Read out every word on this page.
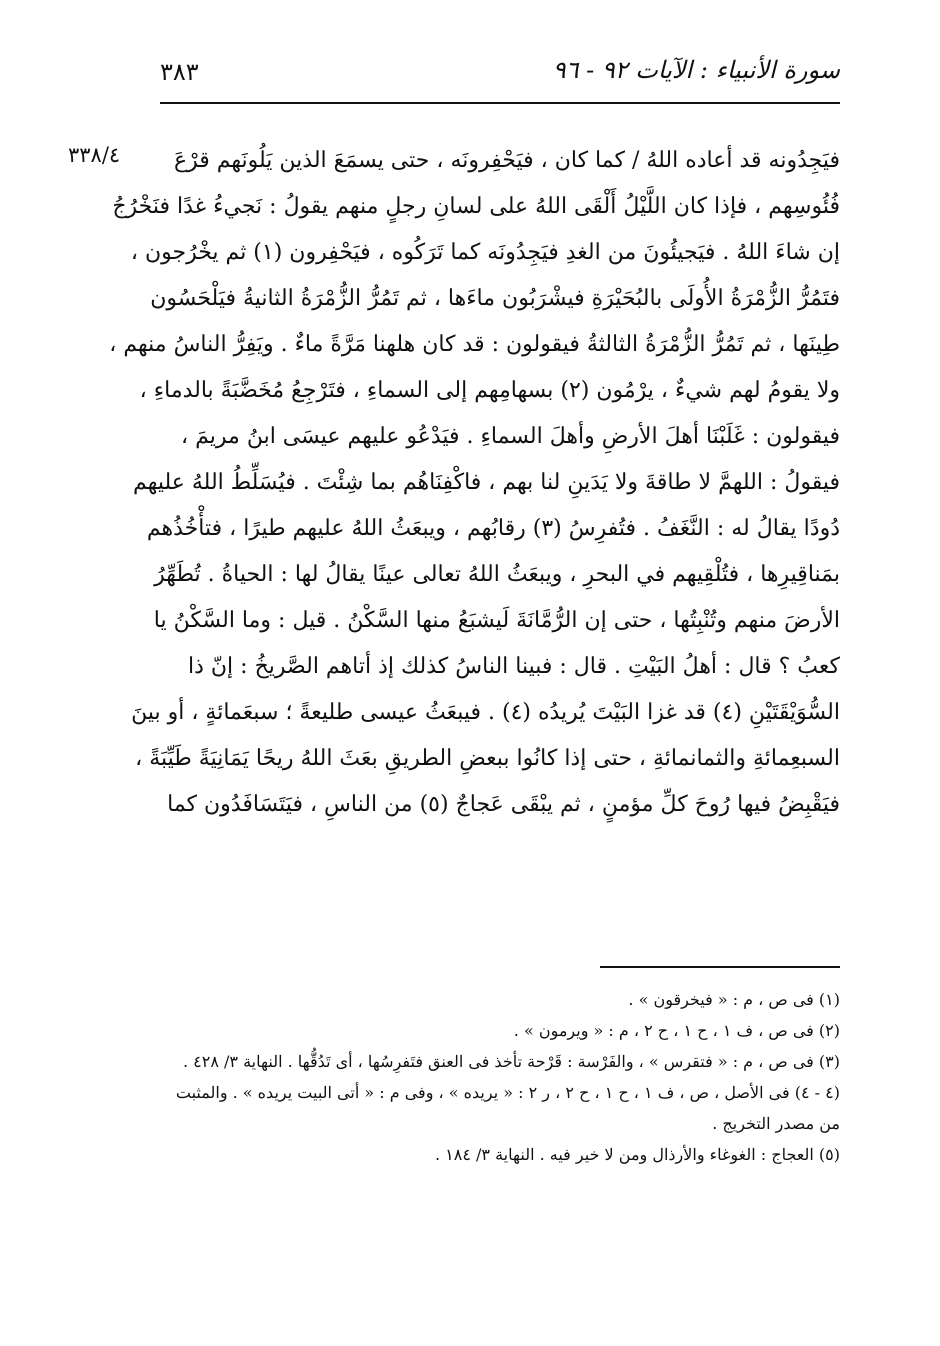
٣٨٣	سورة الأنبياء : الآيات ٩٢ - ٩٦
٣٣٨/٤	فيَجِدُونه قد أعاده اللهُ / كما كان ، فيَحْفِرونَه ، حتى يسمَعَ الذين يَلُونَهم قرْعَ
فُئُوسِهم ، فإذا كان اللَّيْلُ أَلْقَى اللهُ على لسانِ رجلٍ منهم يقولُ : نَجيءُ غدًا فنَخْرُجُ
إن شاءَ اللهُ . فيَجيئُونَ من الغدِ فيَجِدُونَه كما تَرَكُوه ، فيَحْفِرون (١) ثم يخْرُجون ،
فتَمُرُّ الزُّمْرَةُ الأُولَى بالبُحَيْرَةِ فيشْرَبُون ماءَها ، ثم تَمُرُّ الزُّمْرَةُ الثانيةُ فيَلْحَسُون
طِينَها ، ثم تَمُرُّ الزُّمْرَةُ الثالثةُ فيقولون : قد كان هلهنا مَرَّةً ماءٌ . ويَفِرُّ الناسُ منهم ،
ولا يقومُ لهم شيءٌ ، يرْمُون (٢) بسهامِهم إلى السماءِ ، فتَرْجِعُ مُخَضَّبَةً بالدماءِ ،
فيقولون : غَلَبْنَا أهلَ الأرضِ وأهلَ السماءِ . فيَدْعُو عليهم عيسَى ابنُ مريمَ ،
فيقولُ : اللهمَّ لا طاقةَ ولا يَدَينِ لنا بهم ، فاكْفِنَاهُم بما شِئْتَ . فيُسَلِّطُ اللهُ عليهم
دُودًا يقالُ له : النَّغَفُ . فتُفرِسُ (٣) رقابُهم ، ويبعَثُ اللهُ عليهم طيرًا ، فتأْخُذُهم
بمَناقِيرِها ، فتُلْقِيهم في البحرِ ، ويبعَثُ اللهُ تعالى عينًا يقالُ لها : الحياةُ . تُطَهِّرُ
الأرضَ منهم وتُنْبِتُها ، حتى إن الرُّمَّانَةَ لَيشبَعُ منها السَّكْنُ . قيل : وما السَّكْنُ يا
كعبُ ؟ قال : أهلُ البَيْتِ . قال : فبينا الناسُ كذلك إذ أتاهم الصَّريخُ : إنّ ذا
السُّوَيْقَتَيْنِ (٤) قد غزا البَيْتَ يُريدُه (٤) . فيبعَثُ عيسى طليعةً ؛ سبعَمائةٍ ، أو بينَ
السبعِمائةِ والثمانمائةِ ، حتى إذا كانُوا ببعضِ الطريقِ بعَثَ اللهُ ريحًا يَمَانِيَةً طَيِّبَةً ،
فيَقْبِضُ فيها رُوحَ كلِّ مؤمنٍ ، ثم يبْقَى عَجاجٌ (٥) من الناسِ ، فيَتَسَافَدُون كما
(١) فى ص ، م : « فيخرقون » .
(٢) فى ص ، ف ١ ، ح ١ ، ح ٢ ، م : « ويرمون » .
(٣) فى ص ، م : « فتقرس » ، والفَرْسة : قَرْحة تأخذ فى العنق فتَفرِسُها ، أى تَدُقُّها . النهاية ٣/ ٤٢٨ .
(٤ - ٤) فى الأصل ، ص ، ف ١ ، ح ١ ، ح ٢ ، ر ٢ : « يريده » ، وفى م : « أتى البيت يريده » . والمثبت
من مصدر التخريج .
(٥) العجاج : الغوغاء والأرذال ومن لا خير فيه . النهاية ٣/ ١٨٤ .
